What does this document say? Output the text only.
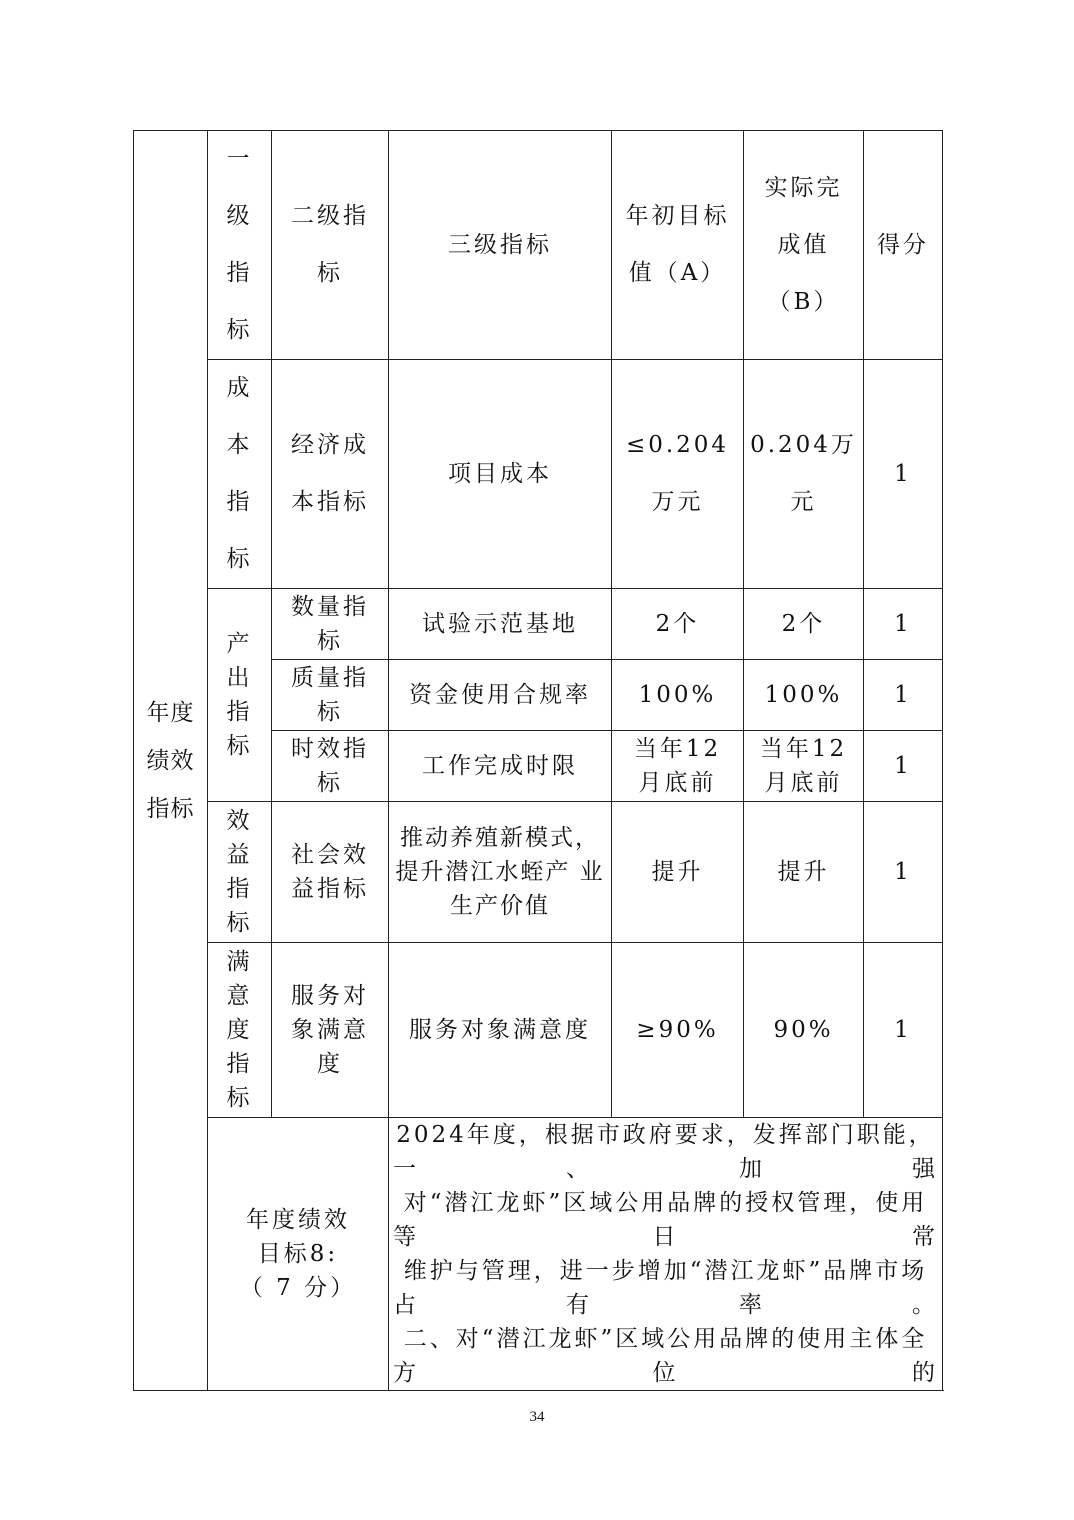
年度
绩效
指标	一
级
指
标	二级指
标	三级指标	年初目标
值（A）	实际完
成值（B）	得分

	成
本
指
标	经济成
本指标	项目成本	≤0.204
万元	0.204万
元	1

	产
出
指
标	数量指 标	试验示范基地	2个	2个	1
		质量指 标	资金使用合规率	100%	100%	1
		时效指 标	工作完成时限	当年12 月底前	当年12 月底前	1

	效
益
指
标	社会效 益指标	推动养殖新模式， 提升潜江水蛭产 业生产价值	提升	提升	1

	满
意
度
指
标	服务对 象满意 度	服务对象满意度	≥90%	90%	1

	年度绩效
目标8:
（ 7 分）		2024年度，根据市政府要求，发挥部门职能，一、加强
对“潜江龙虾”区域公用品牌的授权管理，使用等日常
维护与管理，进一步增加“潜江龙虾”品牌市场占有率。
二、对“潜江龙虾”区域公用品牌的使用主体全方位的			
34
